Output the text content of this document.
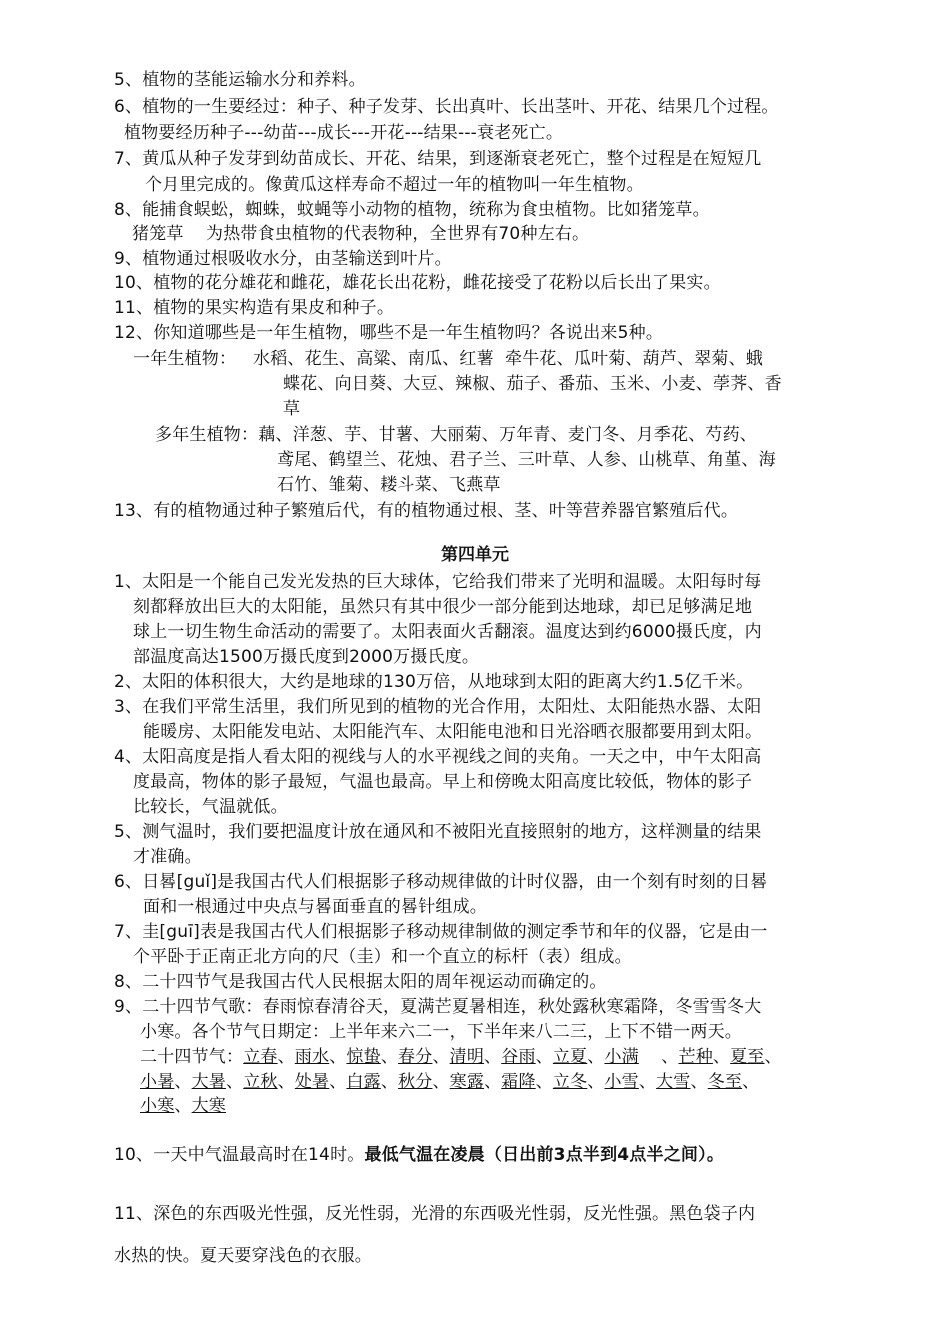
5、植物的茎能运输水分和养料。
6、植物的一生要经过：种子、种子发芽、长出真叶、长出茎叶、开花、结果几个过程。
植物要经历种子---幼苗---成长---开花---结果---衰老死亡。
7、黄瓜从种子发芽到幼苗成长、开花、结果，到逐渐衰老死亡，整个过程是在短短几
个月里完成的。像黄瓜这样寿命不超过一年的植物叫一年生植物。
8、能捕食蜈蚣，蜘蛛，蚊蝇等小动物的植物，统称为食虫植物。比如猪笼草。
猪笼草    为热带食虫植物的代表物种，全世界有70种左右。
9、植物通过根吸收水分，由茎输送到叶片。
10、植物的花分雄花和雌花，雄花长出花粉，雌花接受了花粉以后长出了果实。
11、植物的果实构造有果皮和种子。
12、你知道哪些是一年生植物，哪些不是一年生植物吗？各说出来5种。
一年生植物：   水稻、花生、高粱、南瓜、红薯  牵牛花、瓜叶菊、葫芦、翠菊、蛾
蝶花、向日葵、大豆、辣椒、茄子、番茄、玉米、小麦、荸荠、香
草
多年生植物：藕、洋葱、芋、甘薯、大丽菊、万年青、麦门冬、月季花、芍药、
鸢尾、鹤望兰、花烛、君子兰、三叶草、人参、山桃草、角堇、海
石竹、雏菊、耧斗菜、飞燕草
13、有的植物通过种子繁殖后代，有的植物通过根、茎、叶等营养器官繁殖后代。
第四单元
1、太阳是一个能自己发光发热的巨大球体，它给我们带来了光明和温暖。太阳每时每
刻都释放出巨大的太阳能，虽然只有其中很少一部分能到达地球，却已足够满足地
球上一切生物生命活动的需要了。太阳表面火舌翻滚。温度达到约6000摄氏度，内
部温度高达1500万摄氏度到2000万摄氏度。
2、太阳的体积很大，大约是地球的130万倍，从地球到太阳的距离大约1.5亿千米。
3、在我们平常生活里，我们所见到的植物的光合作用，太阳灶、太阳能热水器、太阳
能暖房、太阳能发电站、太阳能汽车、太阳能电池和日光浴晒衣服都要用到太阳。
4、太阳高度是指人看太阳的视线与人的水平视线之间的夹角。一天之中，中午太阳高
度最高，物体的影子最短，气温也最高。早上和傍晚太阳高度比较低，物体的影子
比较长，气温就低。
5、测气温时，我们要把温度计放在通风和不被阳光直接照射的地方，这样测量的结果
才准确。
6、日晷[guǐ]是我国古代人们根据影子移动规律做的计时仪器，由一个刻有时刻的日晷
面和一根通过中央点与晷面垂直的晷针组成。
7、圭[guī]表是我国古代人们根据影子移动规律制做的测定季节和年的仪器，它是由一
个平卧于正南正北方向的尺（圭）和一个直立的标杆（表）组成。
8、二十四节气是我国古代人民根据太阳的周年视运动而确定的。
9、二十四节气歌：春雨惊春清谷天，夏满芒夏暑相连，秋处露秋寒霜降，冬雪雪冬大
小寒。各个节气日期定：上半年来六二一，下半年来八二三，上下不错一两天。
二十四节气：立春、雨水、惊蛰、春分、清明、谷雨、立夏、小满    、芒种、夏至、
小暑、大暑、立秋、处暑、白露、秋分、寒露、霜降、立冬、小雪、大雪、冬至、
小寒、大寒
10、一天中气温最高时在14时。最低气温在凌晨（日出前3点半到4点半之间）。
11、深色的东西吸光性强，反光性弱，光滑的东西吸光性弱，反光性强。黑色袋子内
水热的快。夏天要穿浅色的衣服。
